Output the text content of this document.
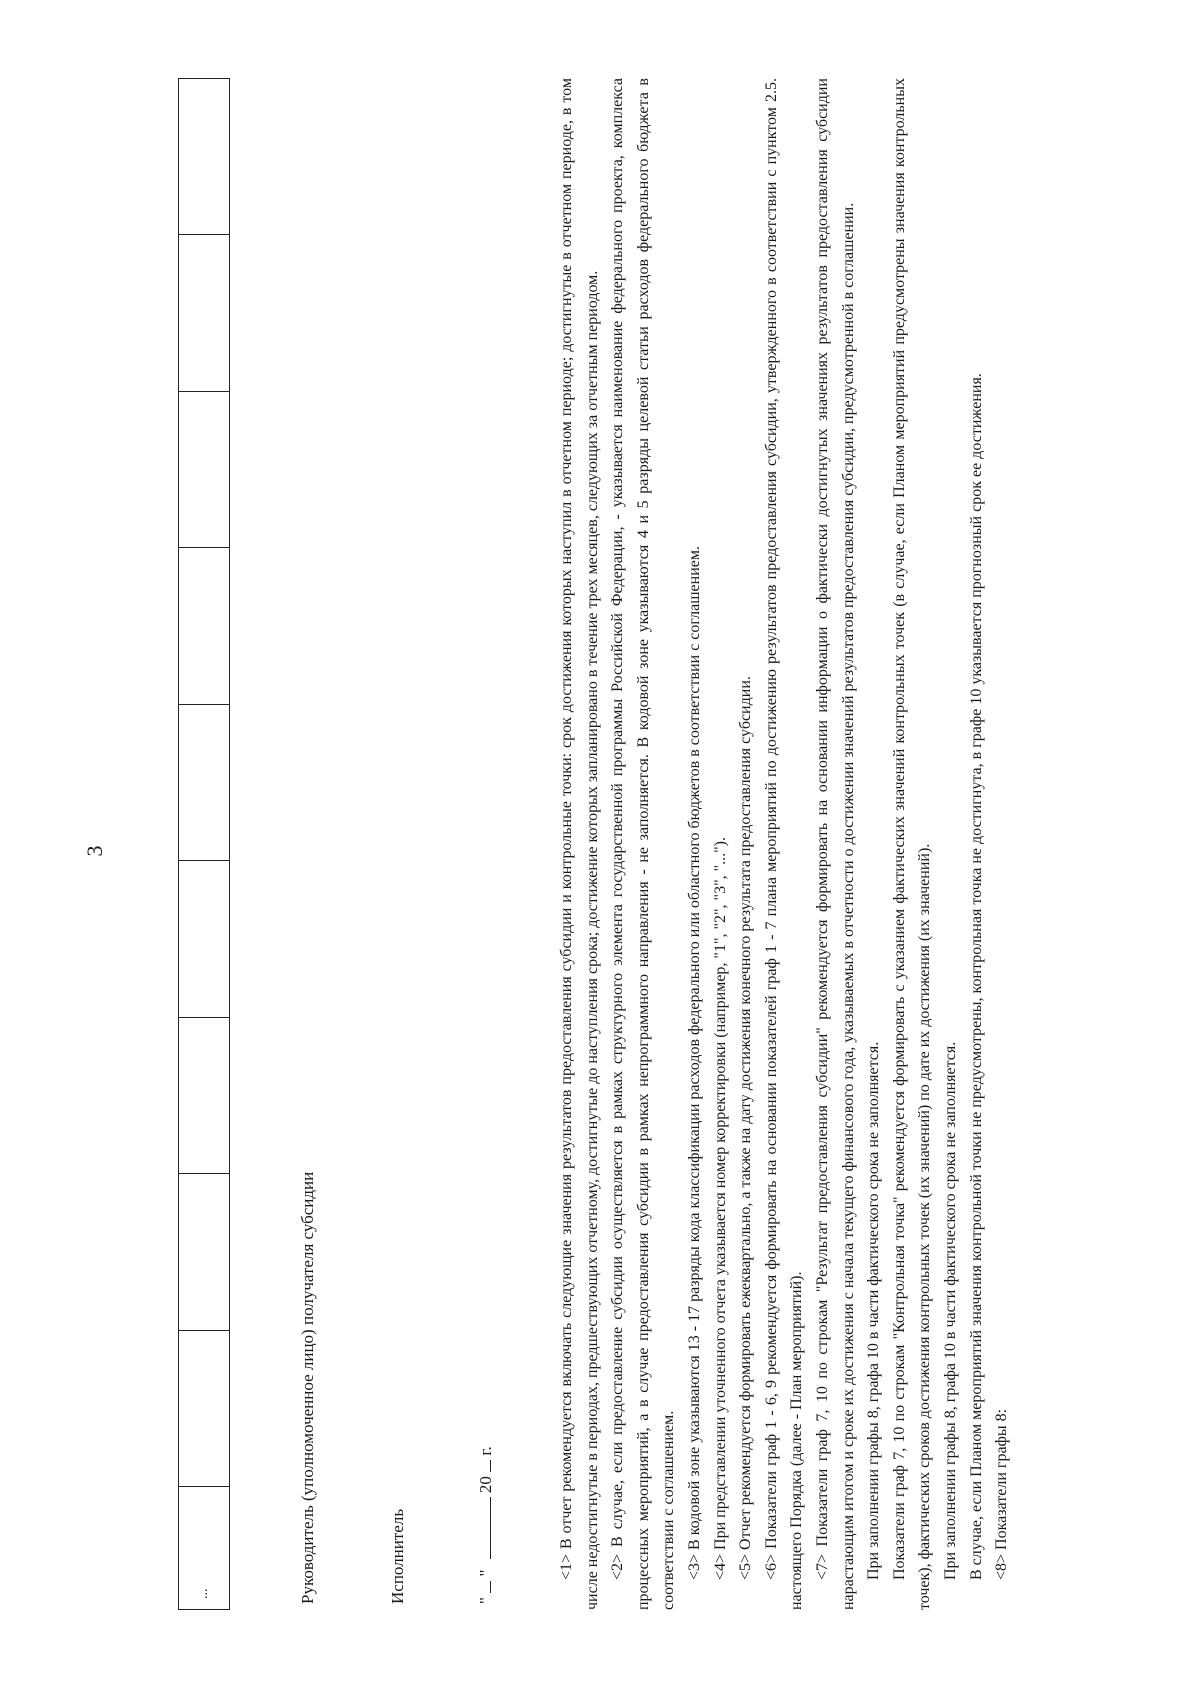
3
...										Руководитель (уполномоченное лицо) получателя субсидии	Исполнитель	"  "  20  г.	<1> В отчет рекомендуется включать следующие значения результатов предоставления субсидии и контрольные точки: срок достижения которых наступил в отчетном периоде; достигнутые в отчетном периоде, в том числе недостигнутые в периодах, предшествующих отчетному, достигнутые до наступления срока; достижение которых запланировано в течение трех месяцев, следующих за отчетным периодом. <2> В случае, если предоставление субсидии осуществляется в рамках структурного элемента государственной программы Российской Федерации, - указывается наименование федерального проекта, комплекса процессных мероприятий, а в случае предоставления субсидии в рамках непрограммного направления - не заполняется. В кодовой зоне указываются 4 и 5 разряды целевой статьи расходов федерального бюджета в соответствии с соглашением. <3> В кодовой зоне указываются 13 - 17 разряды кода классификации расходов федерального или областного бюджетов в соответствии с соглашением. <4> При представлении уточненного отчета указывается номер корректировки (например, "1", "2", "3", "..."). <5> Отчет рекомендуется формировать ежеквартально, а также на дату достижения конечного результата предоставления субсидии. <6> Показатели граф 1 - 6, 9 рекомендуется формировать на основании показателей граф 1 - 7 плана мероприятий по достижению результатов предоставления субсидии, утвержденного в соответствии с пунктом 2.5. настоящего Порядка (далее - План мероприятий). <7> Показатели граф 7, 10 по строкам "Результат предоставления субсидии" рекомендуется формировать на основании информации о фактически достигнутых значениях результатов предоставления субсидии нарастающим итогом и сроке их достижения с начала текущего финансового года, указываемых в отчетности о достижении значений результатов предоставления субсидии, предусмотренной в соглашении. При заполнении графы 8, графа 10 в части фактического срока не заполняется. Показатели граф 7, 10 по строкам "Контрольная точка" рекомендуется формировать с указанием фактических значений контрольных точек (в случае, если Планом мероприятий предусмотрены значения контрольных точек), фактических сроков достижения контрольных точек (их значений) по дате их достижения (их значений). При заполнении графы 8, графа 10 в части фактического срока не заполняется. В случае, если Планом мероприятий значения контрольной точки не предусмотрены, контрольная точка не достигнута, в графе 10 указывается прогнозный срок ее достижения. <8> Показатели графы 8:
